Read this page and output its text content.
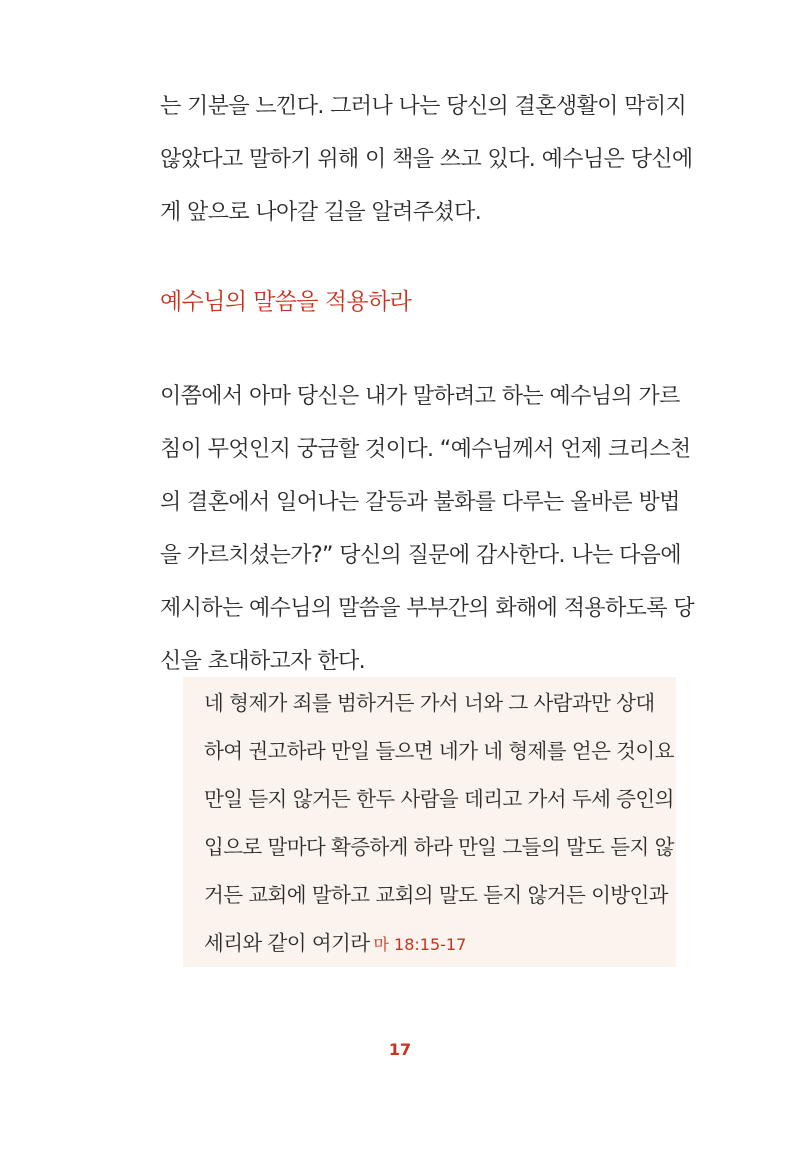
는 기분을 느낀다. 그러나 나는 당신의 결혼생활이 막히지
않았다고 말하기 위해 이 책을 쓰고 있다. 예수님은 당신에
게 앞으로 나아갈 길을 알려주셨다.

예수님의 말씀을 적용하라

이쯤에서 아마 당신은 내가 말하려고 하는 예수님의 가르
침이 무엇인지 궁금할 것이다. “예수님께서 언제 크리스천
의 결혼에서 일어나는 갈등과 불화를 다루는 올바른 방법
을 가르치셨는가?” 당신의 질문에 감사한다. 나는 다음에
제시하는 예수님의 말씀을 부부간의 화해에 적용하도록 당
신을 초대하고자 한다.

네 형제가 죄를 범하거든 가서 너와 그 사람과만 상대
하여 권고하라 만일 들으면 네가 네 형제를 얻은 것이요
만일 듣지 않거든 한두 사람을 데리고 가서 두세 증인의
입으로 말마다 확증하게 하라 만일 그들의 말도 듣지 않
거든 교회에 말하고 교회의 말도 듣지 않거든 이방인과
세리와 같이 여기라 마 18:15-17
17
